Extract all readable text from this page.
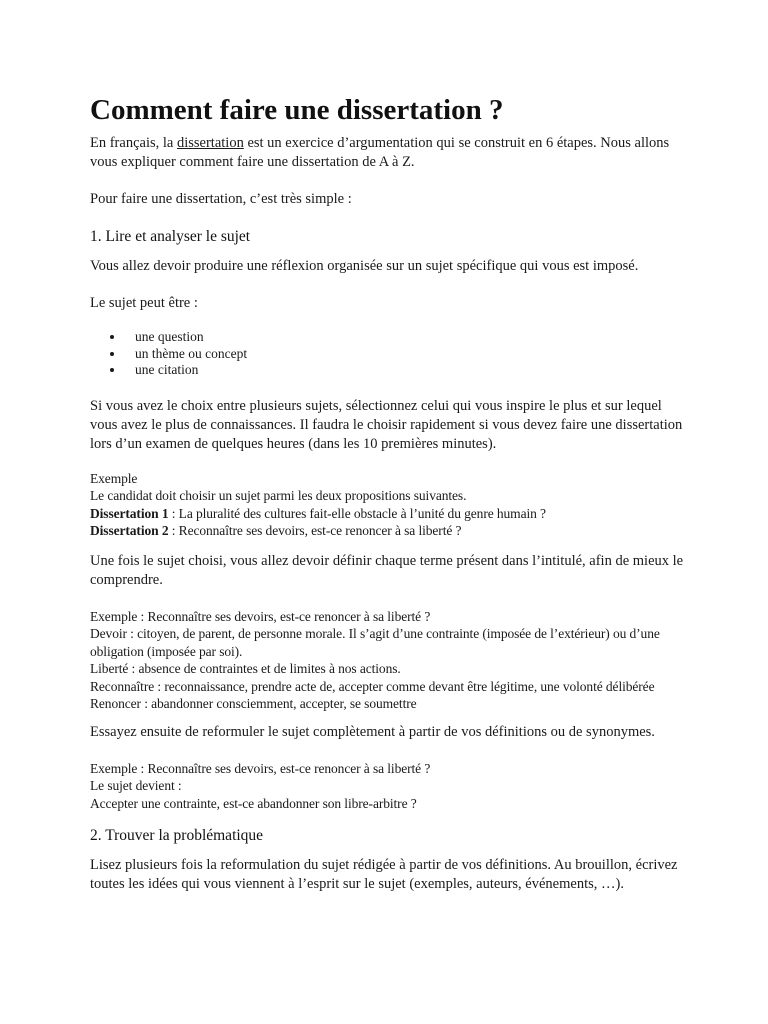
Comment faire une dissertation ?

En français, la dissertation est un exercice d’argumentation qui se construit en 6 étapes. Nous allons vous expliquer comment faire une dissertation de A à Z.

Pour faire une dissertation, c’est très simple :

1. Lire et analyser le sujet

Vous allez devoir produire une réflexion organisée sur un sujet spécifique qui vous est imposé.

Le sujet peut être :

une question
un thème ou concept
une citation

Si vous avez le choix entre plusieurs sujets, sélectionnez celui qui vous inspire le plus et sur lequel vous avez le plus de connaissances. Il faudra le choisir rapidement si vous devez faire une dissertation lors d’un examen de quelques heures (dans les 10 premières minutes).

Exemple

Le candidat doit choisir un sujet parmi les deux propositions suivantes.

Dissertation 1 : La pluralité des cultures fait-elle obstacle à l’unité du genre humain ?

Dissertation 2 : Reconnaître ses devoirs, est-ce renoncer à sa liberté ?

Une fois le sujet choisi, vous allez devoir définir chaque terme présent dans l’intitulé, afin de mieux le comprendre.

Exemple : Reconnaître ses devoirs, est-ce renoncer à sa liberté ?

Devoir : citoyen, de parent, de personne morale. Il s’agit d’une contrainte (imposée de l’extérieur) ou d’une obligation (imposée par soi).

Liberté : absence de contraintes et de limites à nos actions.

Reconnaître : reconnaissance, prendre acte de, accepter comme devant être légitime, une volonté délibérée

Renoncer : abandonner consciemment, accepter, se soumettre

Essayez ensuite de reformuler le sujet complètement à partir de vos définitions ou de synonymes.

Exemple : Reconnaître ses devoirs, est-ce renoncer à sa liberté ?

Le sujet devient :

Accepter une contrainte, est-ce abandonner son libre-arbitre ?

2. Trouver la problématique

Lisez plusieurs fois la reformulation du sujet rédigée à partir de vos définitions. Au brouillon, écrivez toutes les idées qui vous viennent à l’esprit sur le sujet (exemples, auteurs, événements, …).
